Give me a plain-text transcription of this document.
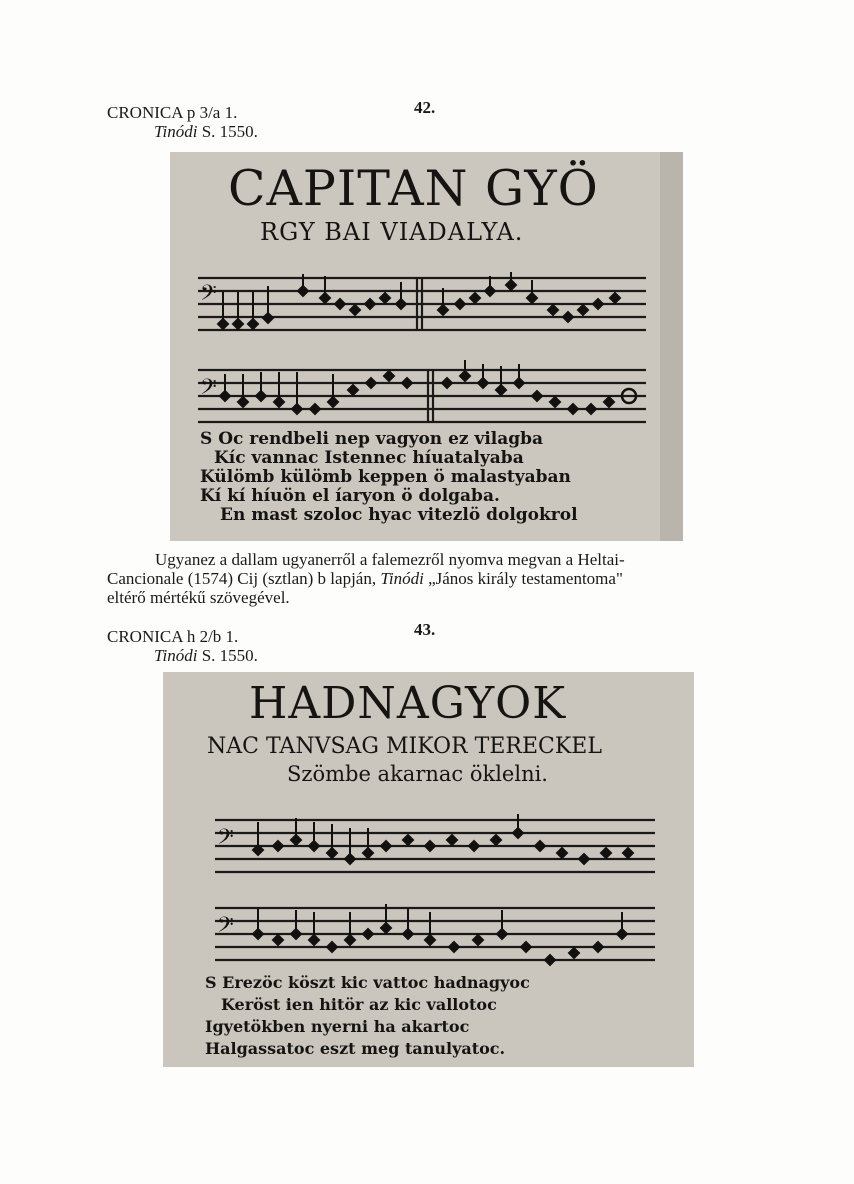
CRONICA p 3/a 1.
Tinódi S. 1550.
42.
𝄢
𝄢
CAPITAN GYÖ
RGY BAI VIADALYA.
S Oc rendbeli nep vagyon ez vilagba
Kíc vannac Istennec híuatalyaba
Külömb külömb keppen ö malastyaban
Kí kí híuön el íaryon ö dolgaba.
En mast szoloc hyac vitezlö dolgokrol
Ugyanez a dallam ugyanerről a falemezről nyomva megvan a Heltai-
Cancionale (1574) Cij (sztlan) b lapján, Tinódi „János király testamentoma"
eltérő mértékű szövegével.
CRONICA h 2/b 1.
Tinódi S. 1550.
43.
𝄢
𝄢
HADNAGYOK
NAC TANVSAG MIKOR TERECKEL
Szömbe akarnac öklelni.
S Erezöc köszt kic vattoc hadnagyoc
Keröst ien hitör az kic vallotoc
Igyetökben nyerni ha akartoc
Halgassatoc eszt meg tanulyatoc.
